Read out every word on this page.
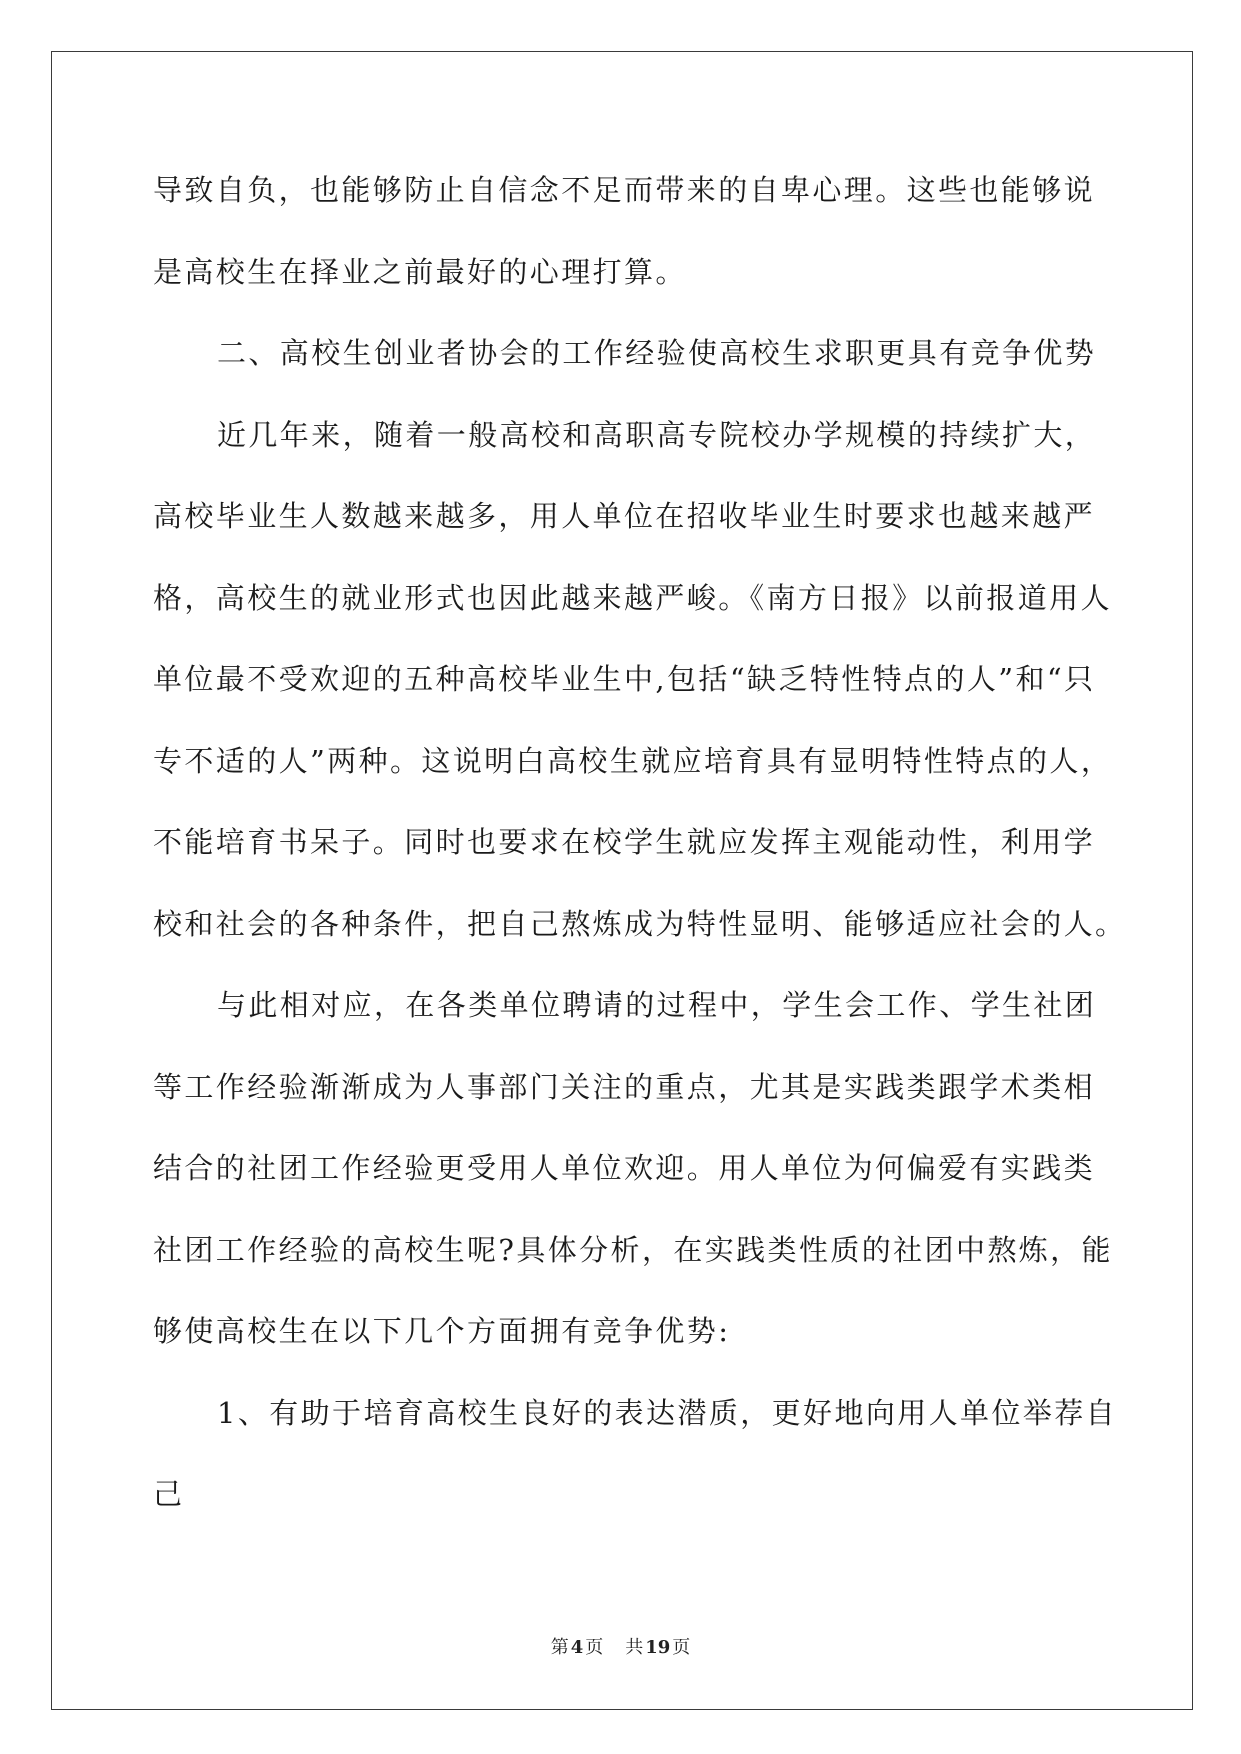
导致自负，也能够防止自信念不足而带来的自卑心理。这些也能够说
是高校生在择业之前最好的心理打算。
二、高校生创业者协会的工作经验使高校生求职更具有竞争优势
近几年来，随着一般高校和高职高专院校办学规模的持续扩大，
高校毕业生人数越来越多，用人单位在招收毕业生时要求也越来越严
格，高校生的就业形式也因此越来越严峻。《南方日报》以前报道用人
单位最不受欢迎的五种高校毕业生中,包括“缺乏特性特点的人”和“只
专不适的人”两种。这说明白高校生就应培育具有显明特性特点的人，
不能培育书呆子。同时也要求在校学生就应发挥主观能动性，利用学
校和社会的各种条件，把自己熬炼成为特性显明、能够适应社会的人。
与此相对应，在各类单位聘请的过程中，学生会工作、学生社团
等工作经验渐渐成为人事部门关注的重点，尤其是实践类跟学术类相
结合的社团工作经验更受用人单位欢迎。用人单位为何偏爱有实践类
社团工作经验的高校生呢?具体分析，在实践类性质的社团中熬炼，能
够使高校生在以下几个方面拥有竞争优势:
1、有助于培育高校生良好的表达潜质，更好地向用人单位举荐自
己
第 4 页 共 19 页
